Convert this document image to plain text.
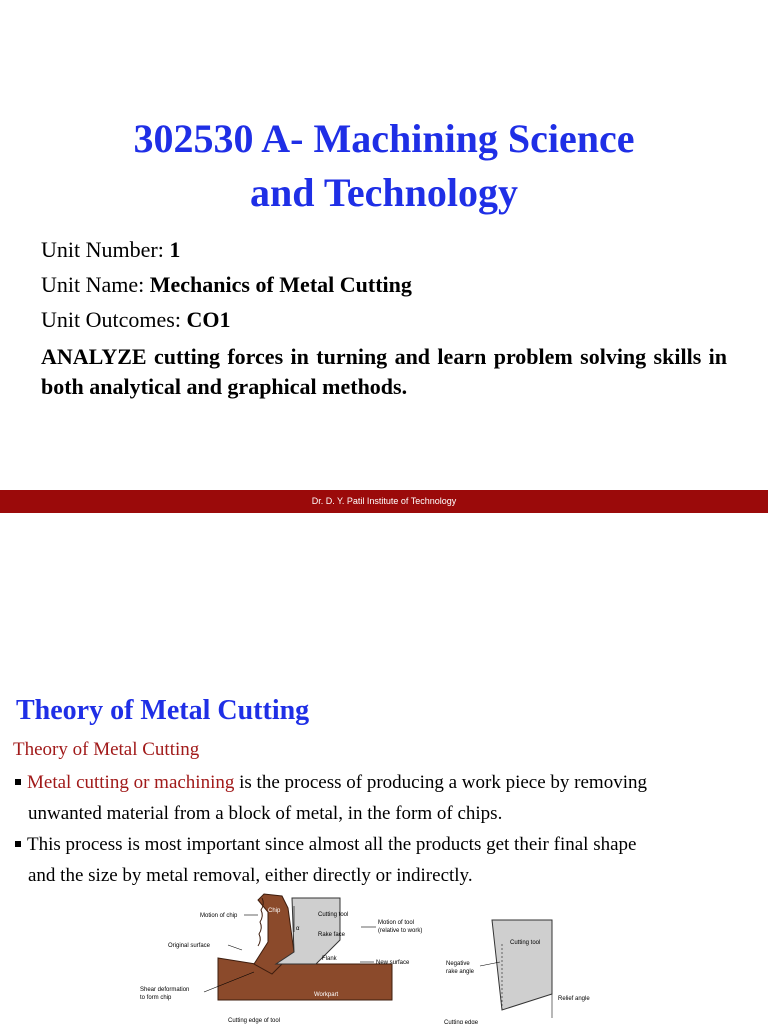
302530 A- Machining Science
and Technology
Unit Number: 1
Unit Name: Mechanics of Metal Cutting
Unit Outcomes: CO1
ANALYZE cutting forces in turning and learn problem solving skills in both analytical and graphical methods.
Dr. D. Y. Patil Institute of Technology
Theory of Metal Cutting
Theory of Metal Cutting
Metal cutting or machining is the process of producing a work piece by removing
unwanted material from a block of metal, in the form of chips.
This process is most important since almost all the products get their final shape
and the size by metal removal, either directly or indirectly.
Chip
Cutting tool
Motion of chip
Motion of tool
(relative to work)
Rake face
α
Original surface
Flank
New surface
Shear deformation
to form chip	Workpart
Cutting edge of tool
Cutting tool
Negative
rake angle
Relief angle
Cutting edge
